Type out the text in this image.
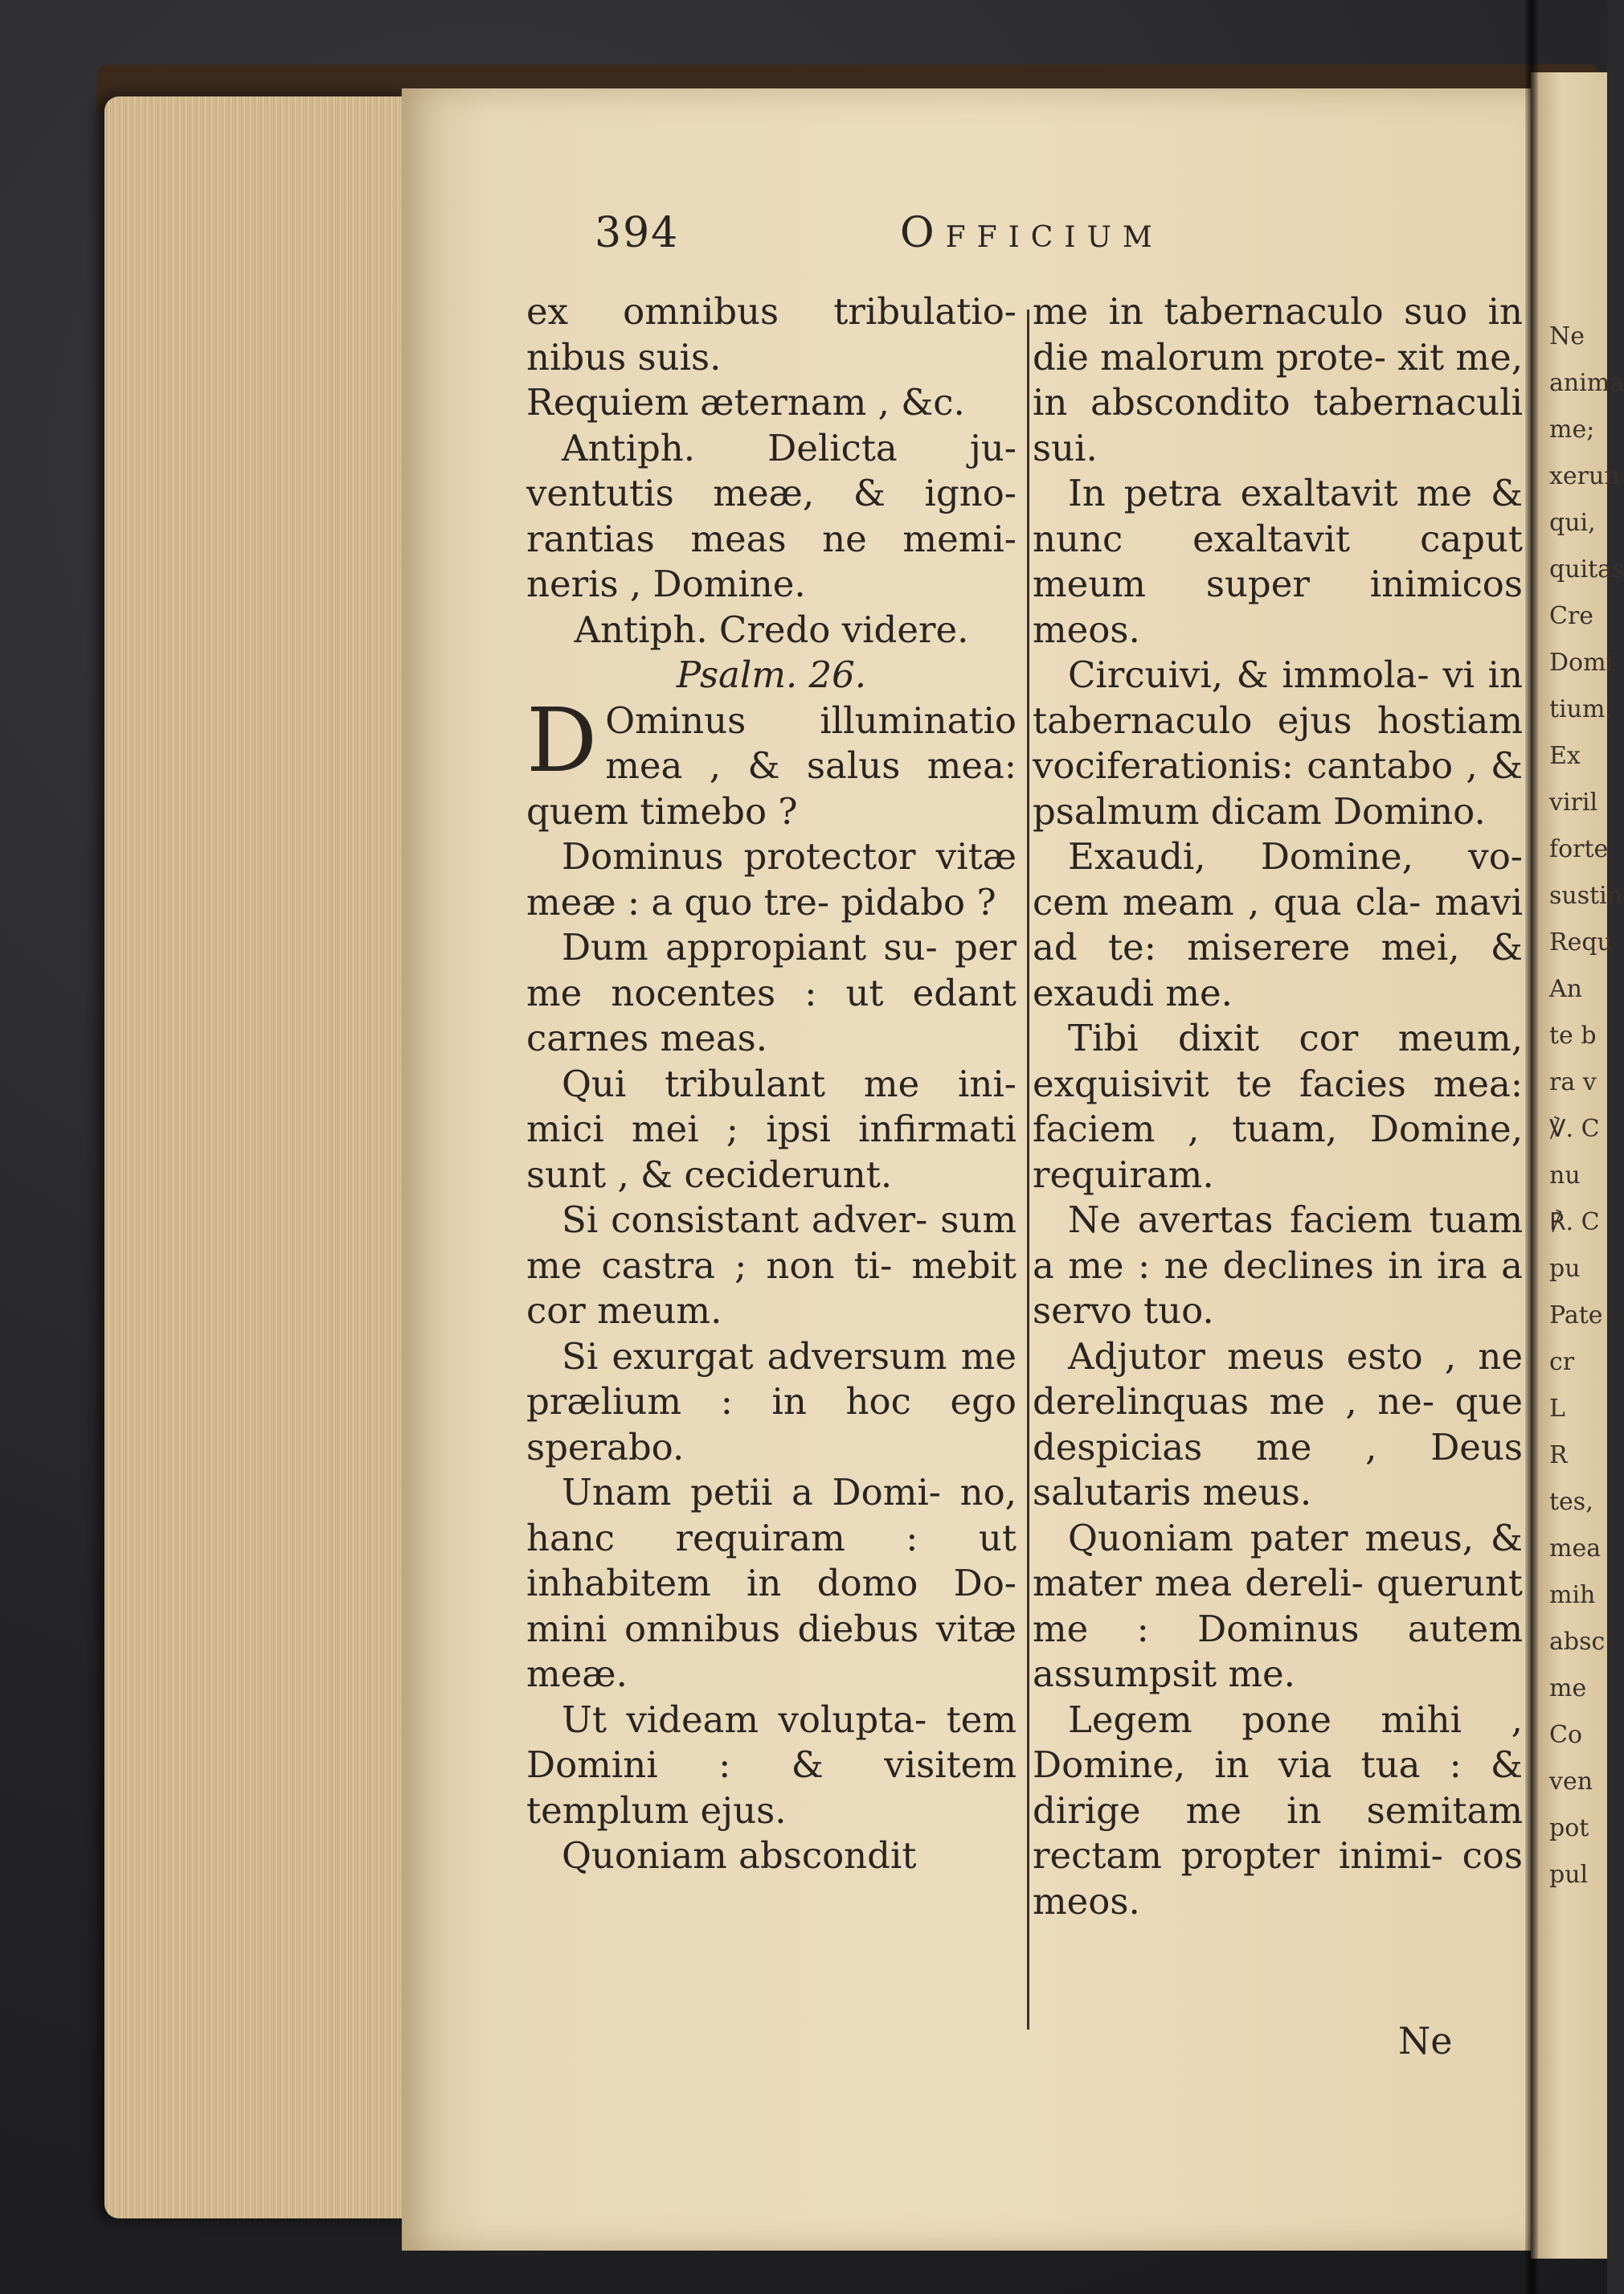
394	Officium

ex omnibus tribulatio- nibus suis.

Requiem æternam , &c.

Antiph. Delicta ju- ventutis meæ, & igno- rantias meas ne memi- neris , Domine.

Antiph. Credo videre.

Psalm. 26.

D Ominus illuminatio mea , & salus mea: quem timebo ?

Dominus protector vitæ meæ : a quo tre- pidabo ?

Dum appropiant su- per me nocentes : ut edant carnes meas.

Qui tribulant me ini- mici mei ; ipsi infirmati sunt , & ceciderunt.

Si consistant adver- sum me castra ; non ti- mebit cor meum.

Si exurgat adversum me prælium : in hoc ego sperabo.

Unam petii a Domi- no, hanc requiram : ut inhabitem in domo Do- mini omnibus diebus vitæ meæ.

Ut videam volupta- tem Domini : & visitem templum ejus.

Quoniam abscondit

me in tabernaculo suo in die malorum prote- xit me, in abscondito tabernaculi sui.

In petra exaltavit me & nunc exaltavit caput meum super inimicos meos.

Circuivi, & immola- vi in tabernaculo ejus hostiam vociferationis: cantabo , & psalmum dicam Domino.

Exaudi, Domine, vo- cem meam , qua cla- mavi ad te: miserere mei, & exaudi me.

Tibi dixit cor meum, exquisivit te facies mea: faciem , tuam, Domine, requiram.

Ne avertas faciem tuam a me : ne declines in ira a servo tuo.

Adjutor meus esto , ne derelinquas me , ne- que despicias me , Deus salutaris meus.

Quoniam pater meus, & mater mea dereli- querunt me : Dominus autem assumpsit me.

Legem pone mihi , Domine, in via tua : & dirige me in semitam rectam propter inimi- cos meos.

Ne
Ne
anima
me;
xerun
qui,
quitas
Cre
Domi
tium.
Ex
viril
forte
sustin
Requ
An
te b
ra v
℣. C
nu
℟. C
pu
Pate
cr
L
R
tes,
mea
mih
absc
me
Co
ven
pot
pul
